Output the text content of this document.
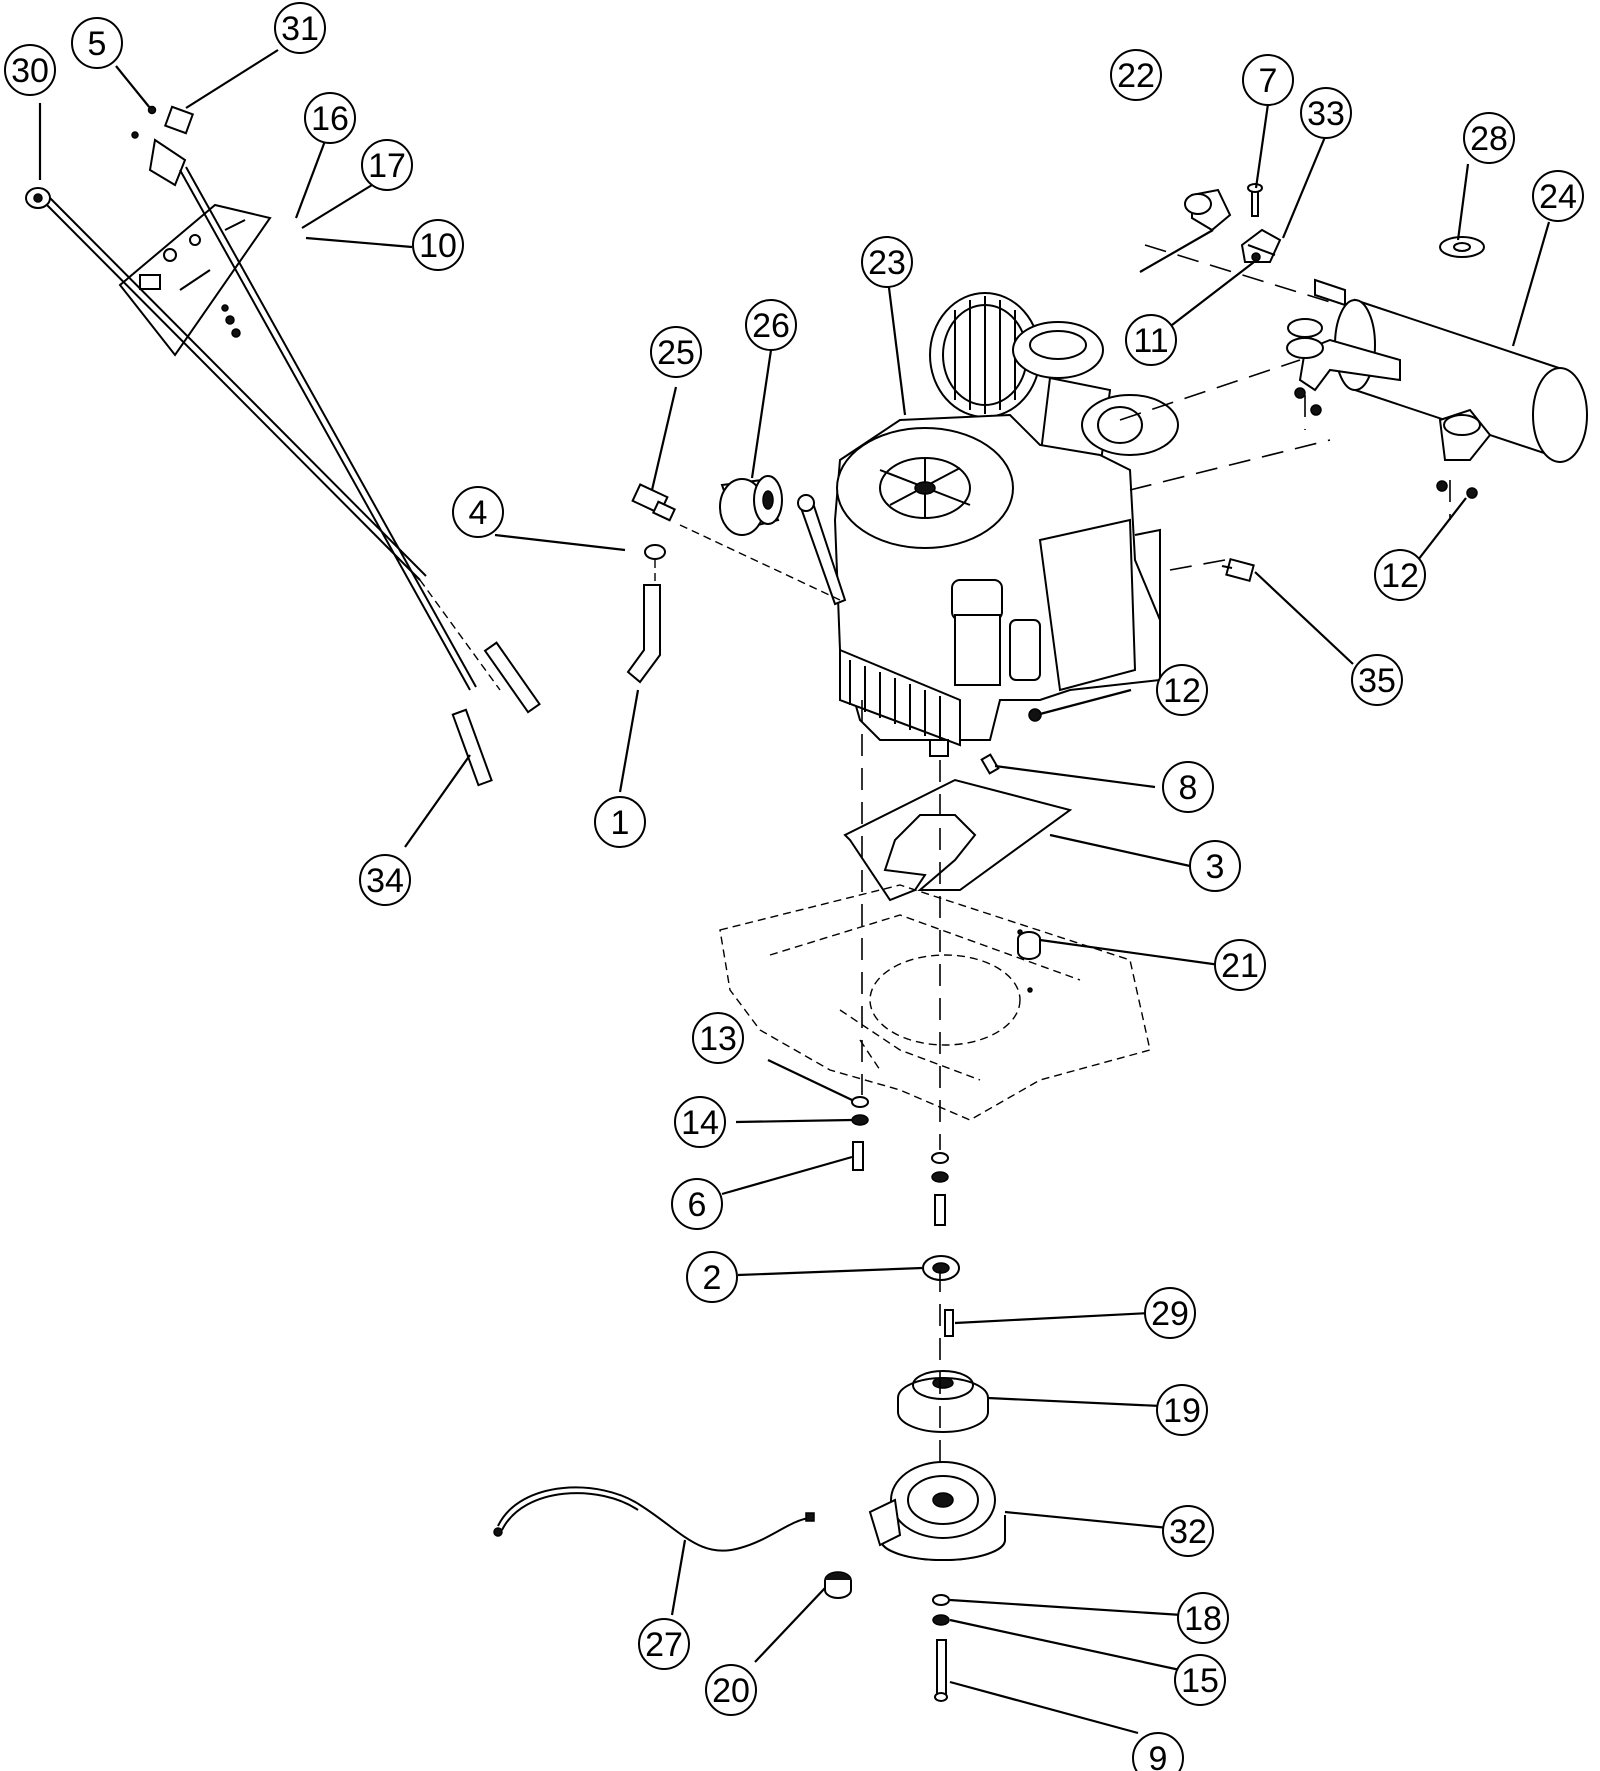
1
2
3
4
5
6
7
8
9
10
11
12
12
13
14
15
16
17
18
19
20
21
22
23
24
25
26
27
28
29
30
31
32
33
34
35
